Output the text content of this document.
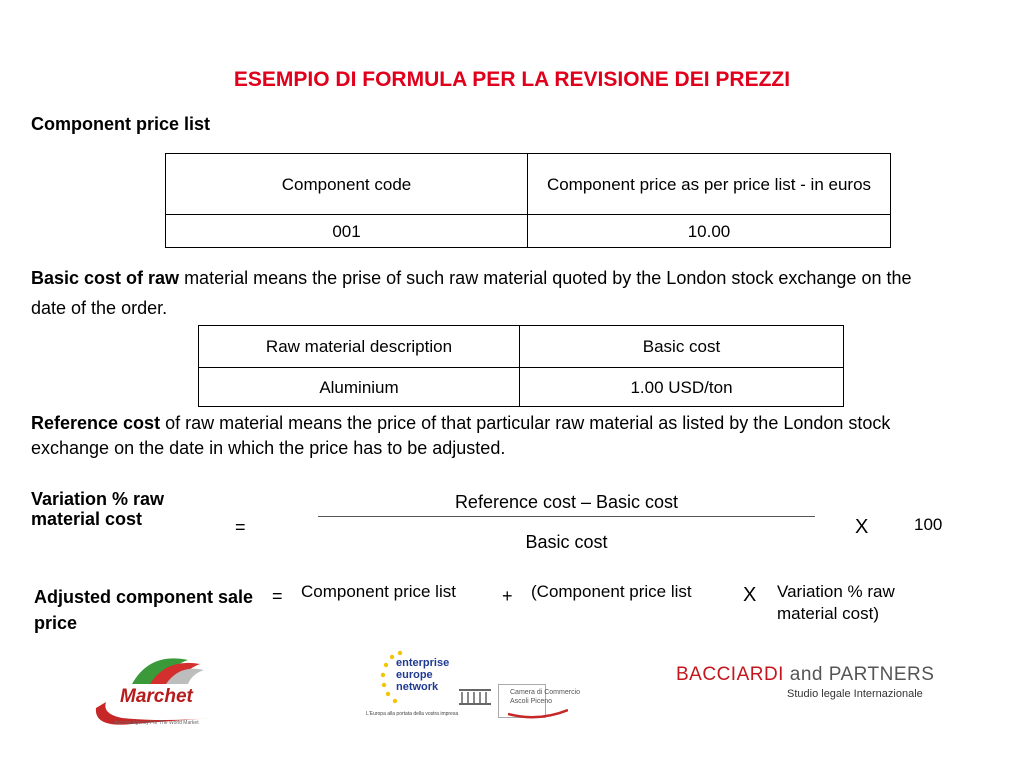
ESEMPIO DI FORMULA PER LA REVISIONE DEI PREZZI
Component price list
Component code	Component price as per price list - in euros
001	10.00
Basic cost of raw material means the prise of such raw material quoted by the London stock exchange on the date of the order.
Raw material description	Basic cost
Aluminium	1.00 USD/ton
Reference cost of raw material means the price of that particular raw material as listed by the London stock exchange on the date in which the price has to be adjusted.
Variation % raw material cost	=
Reference cost – Basic cost
Basic cost
X	100
Adjusted component sale price
= Component price list	+ (Component price list	X Variation % raw material cost)
Marchet
Ancona Agency For The World Market
enterprise
europe
network
L'Europa alla portata della vostra impresa
Camera di Commercio
Ascoli Piceno
BACCIARDI and PARTNERS
Studio legale Internazionale
